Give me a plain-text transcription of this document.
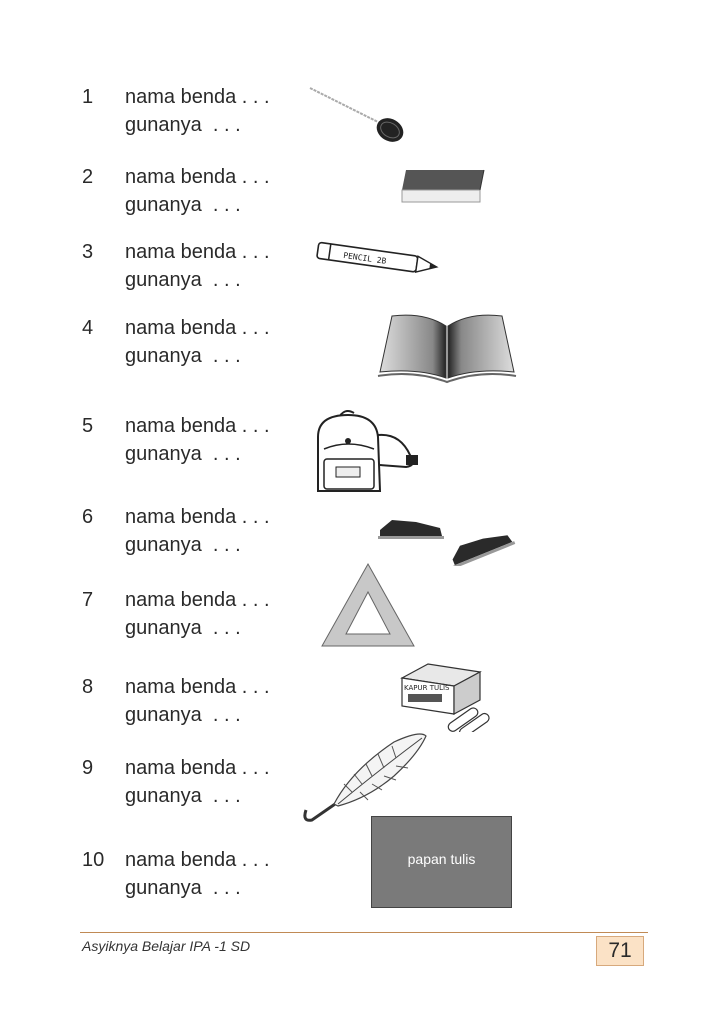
1 nama benda . . .
gunanya  . . .
2 nama benda . . .
gunanya  . . .
3 nama benda . . .
gunanya  . . .
4 nama benda . . .
gunanya  . . .
5 nama benda . . .
gunanya  . . .
6 nama benda . . .
gunanya  . . .
7 nama benda . . .
gunanya  . . .
8 nama benda . . .
gunanya  . . .
9 nama benda . . .
gunanya  . . .
10 nama benda . . .
gunanya  . . .
PENCIL 2B
KAPUR TULIS
papan tulis
Asyiknya Belajar IPA -1 SD	71
